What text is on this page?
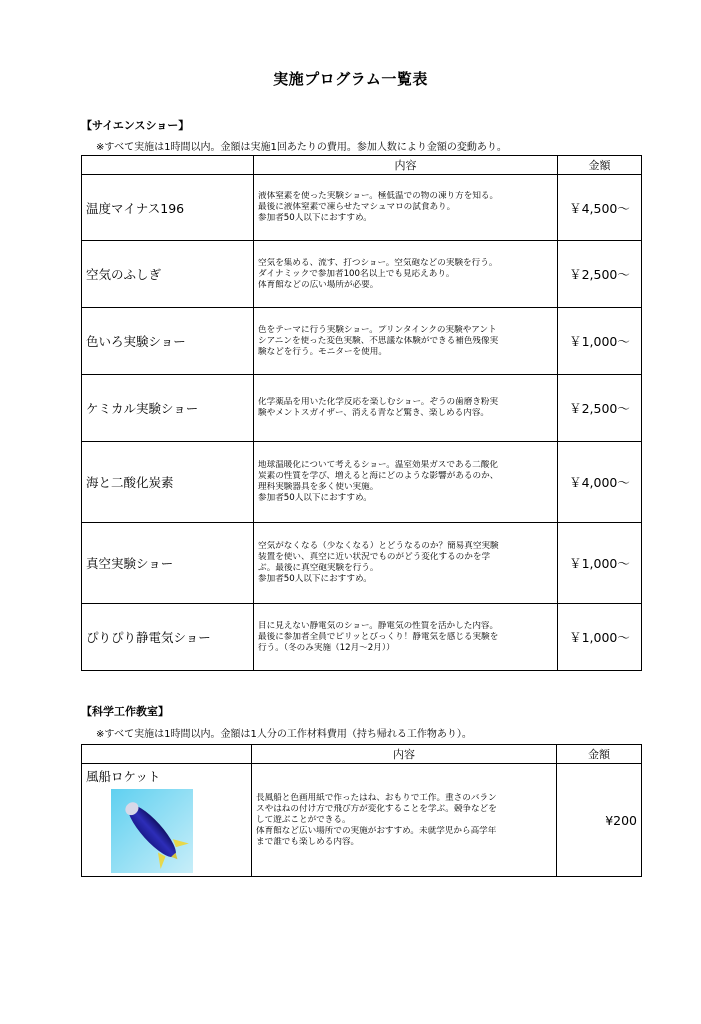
実施プログラム一覧表
【サイエンスショー】
※すべて実施は1時間以内。金額は実施1回あたりの費用。参加人数により金額の変動あり。
	内容	金額
温度マイナス196	液体窒素を使った実験ショー。極低温での物の凍り方を知る。
最後に液体窒素で凍らせたマシュマロの試食あり。
参加者50人以下におすすめ。	￥4,500～
空気のふしぎ	空気を集める、流す、打つショー。空気砲などの実験を行う。
ダイナミックで参加者100名以上でも見応えあり。
体育館などの広い場所が必要。	￥2,500～
色いろ実験ショー	色をテーマに行う実験ショー。プリンタインクの実験やアント
シアニンを使った変色実験、不思議な体験ができる補色残像実
験などを行う。モニターを使用。	￥1,000～
ケミカル実験ショー	化学薬品を用いた化学反応を楽しむショー。ぞうの歯磨き粉実
験やメントスガイザー、消える青など驚き、楽しめる内容。	￥2,500～
海と二酸化炭素	地球温暖化について考えるショー。温室効果ガスである二酸化
炭素の性質を学び、増えると海にどのような影響があるのか、
理科実験器具を多く使い実施。
参加者50人以下におすすめ。	￥4,000～
真空実験ショー	空気がなくなる（少なくなる）とどうなるのか？簡易真空実験
装置を使い、真空に近い状況でものがどう変化するのかを学
ぶ。最後に真空砲実験を行う。
参加者50人以下におすすめ。	￥1,000～
ぴりぴり静電気ショー	目に見えない静電気のショー。静電気の性質を活かした内容。
最後に参加者全員でピリッとびっくり！静電気を感じる実験を
行う。（冬のみ実施（12月～2月））	￥1,000～
【科学工作教室】
※すべて実施は1時間以内。金額は1人分の工作材料費用（持ち帰れる工作物あり）。
	内容	金額

風船ロケット	長風船と色画用紙で作ったはね、おもりで工作。重さのバラン
スやはねの付け方で飛び方が変化することを学ぶ。競争などを
して遊ぶことができる。
体育館など広い場所での実施がおすすめ。未就学児から高学年
まで誰でも楽しめる内容。	¥200
